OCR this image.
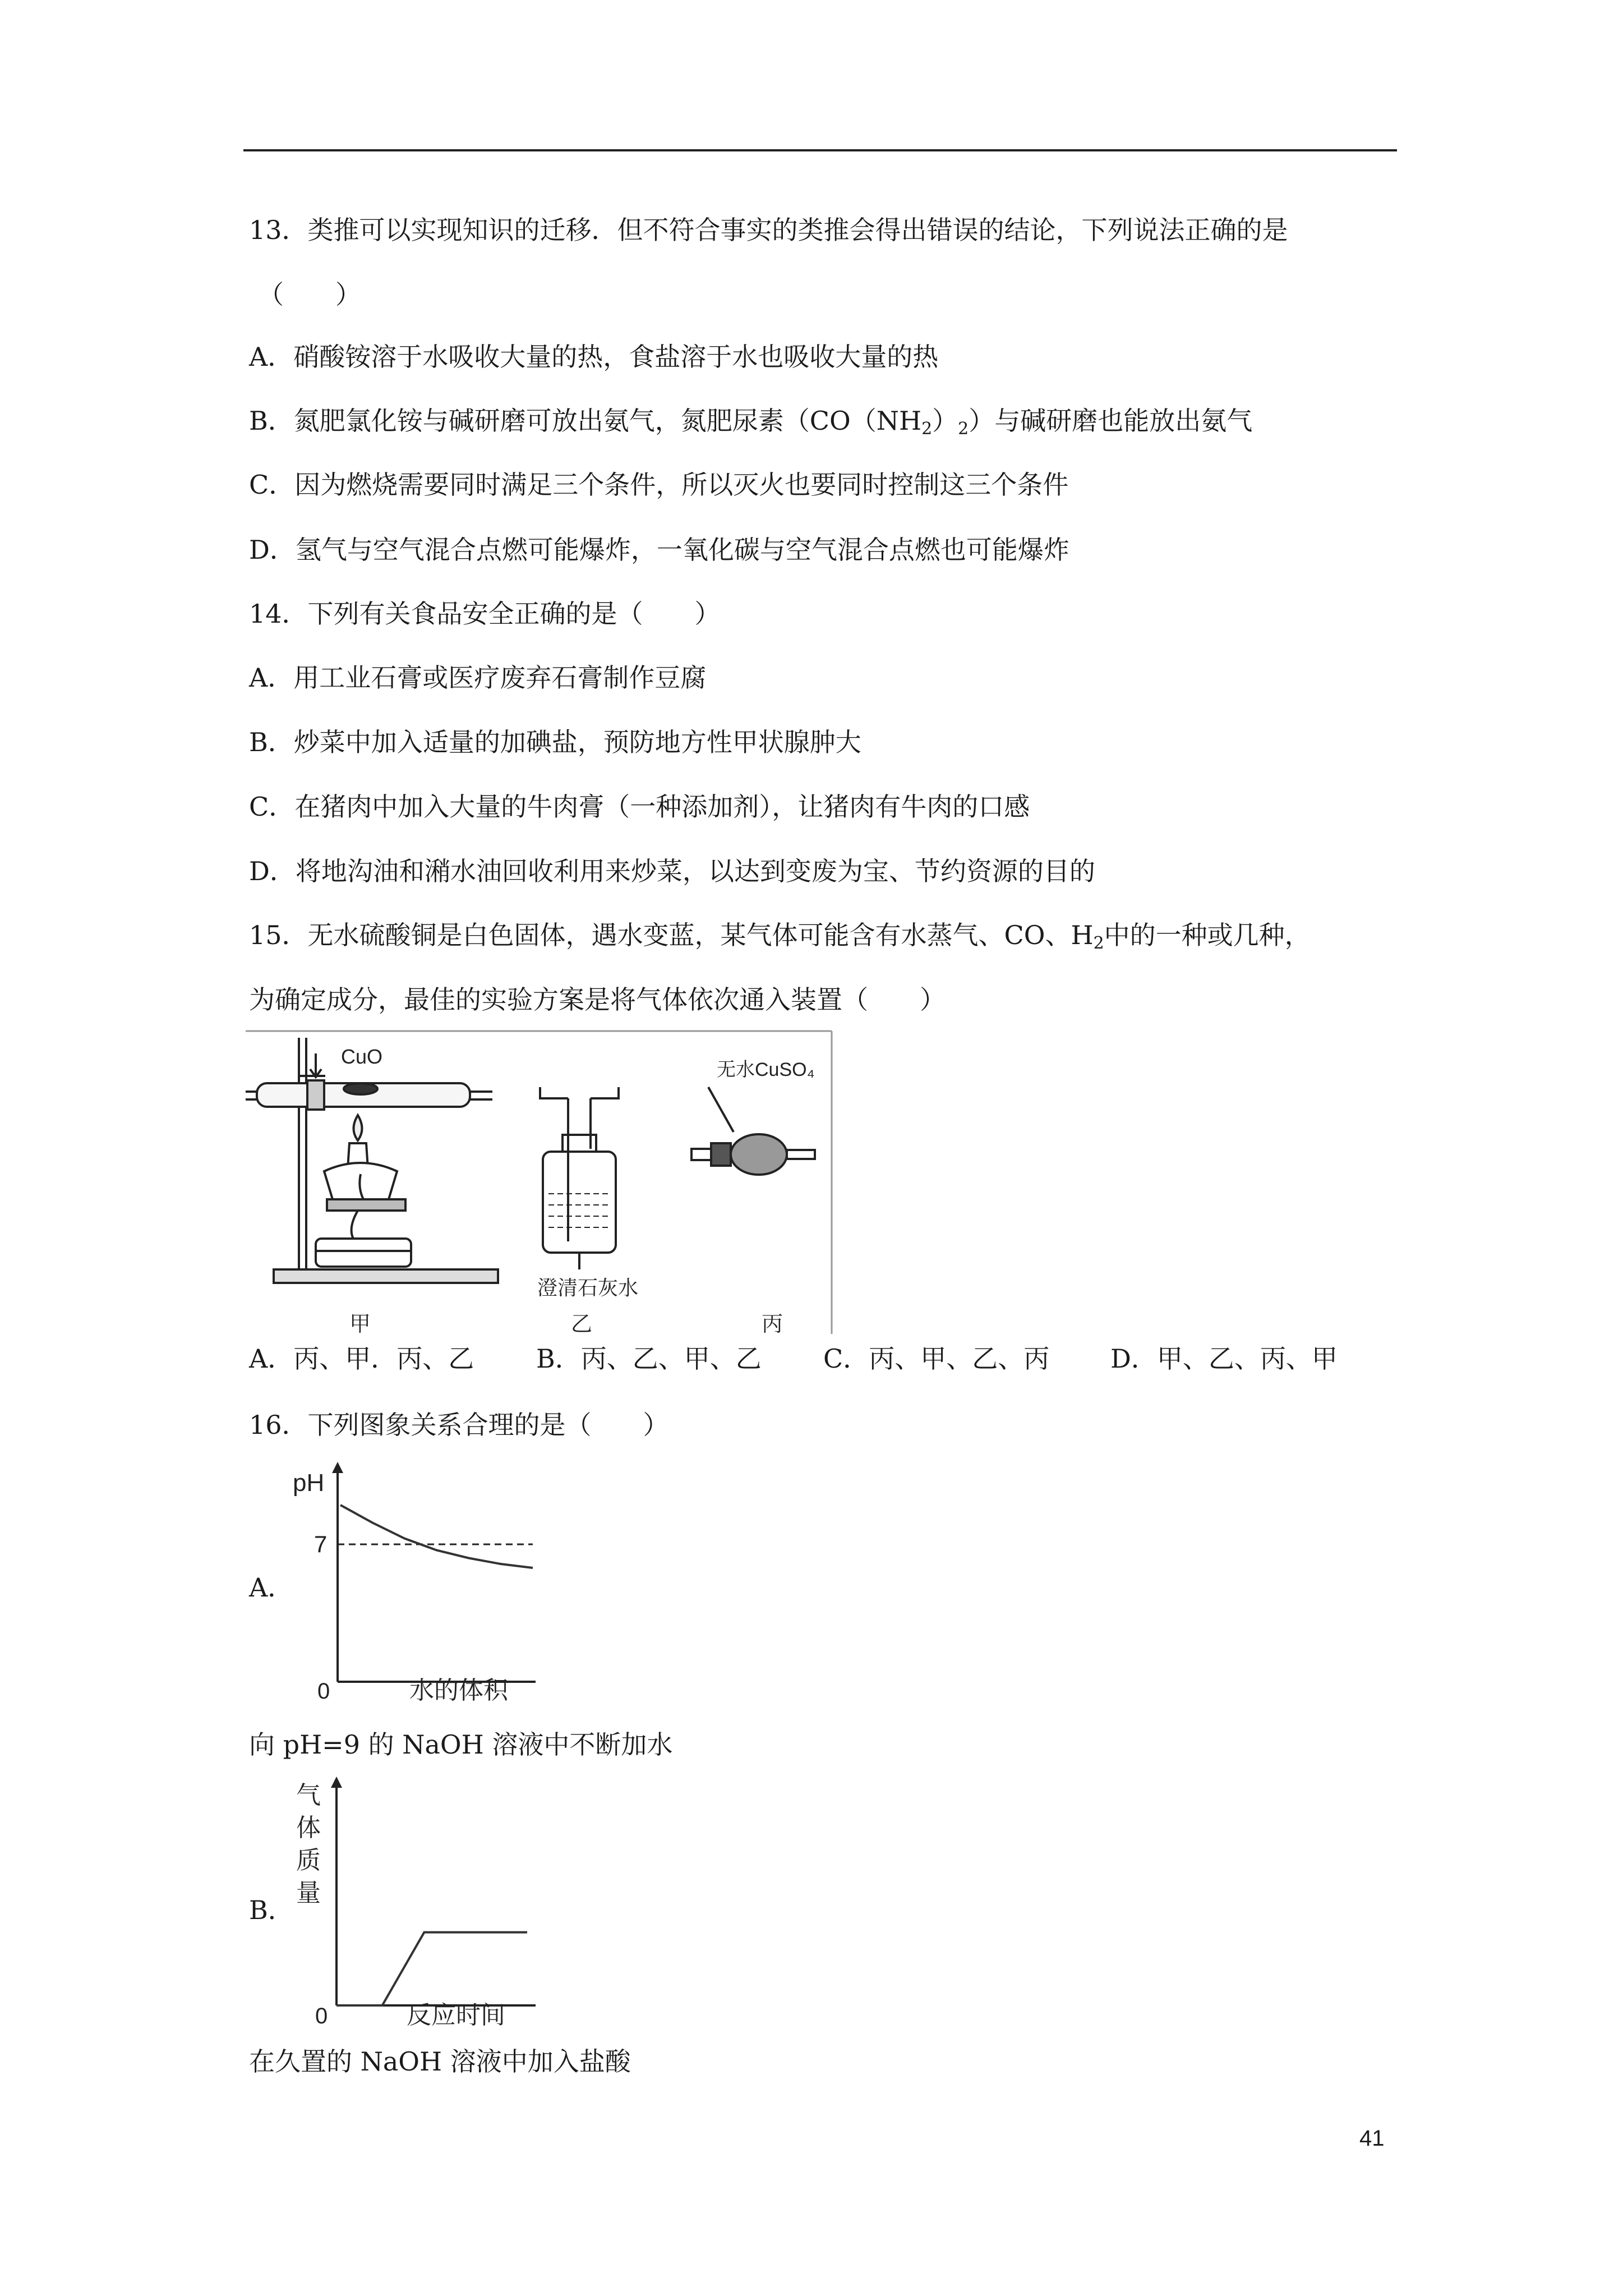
13．类推可以实现知识的迁移．但不符合事实的类推会得出错误的结论，下列说法正确的是
（　　）
A．硝酸铵溶于水吸收大量的热，食盐溶于水也吸收大量的热
B．氮肥氯化铵与碱研磨可放出氨气，氮肥尿素$(CO(NH_2)_2)$与碱研磨也能放出氨气
C．因为燃烧需要同时满足三个条件，所以灭火也要同时控制这三个条件
D．氢气与空气混合点燃可能爆炸，一氧化碳与空气混合点燃也可能爆炸
14．下列有关食品安全正确的是（　　）
A．用工业石膏或医疗废弃石膏制作豆腐
B．炒菜中加入适量的加碘盐，预防地方性甲状腺肿大
C．在猪肉中加入大量的牛肉膏（一种添加剂），让猪肉有牛肉的口感
D．将地沟油和潲水油回收利用来炒菜，以达到变废为宝、节约资源的目的
15．无水硫酸铜是白色固体，遇水变蓝，某气体可能含有水蒸气、CO、$H_2$中的一种或几种，
为确定成分，最佳的实验方案是将气体依次通入装置（　　）
CuO
澄清石灰水
无水CuSO₄
甲	乙	丙
A．丙、甲．丙、乙 B．丙、乙、甲、乙 C．丙、甲、乙、丙 D．甲、乙、丙、甲
16．下列图象关系合理的是（　　）
A．
pH
0	水的体积
7
向 pH=9 的 NaOH 溶液中不断加水
B．
气 体 质 量
0	反应时间
在久置的 NaOH 溶液中加入盐酸
41
